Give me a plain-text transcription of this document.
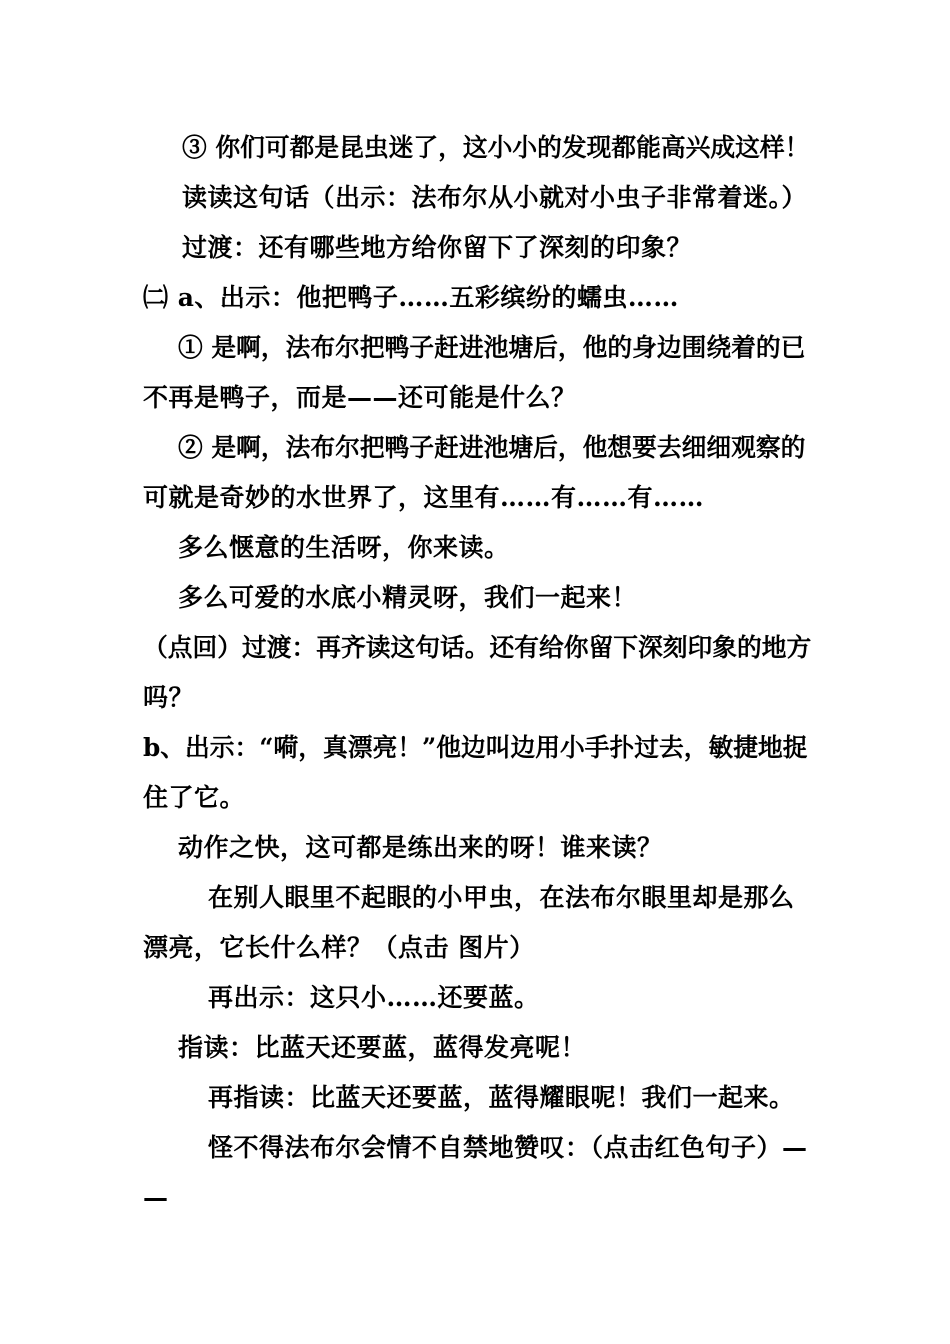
③ 你们可都是昆虫迷了，这小小的发现都能高兴成这样！
读读这句话（出示：法布尔从小就对小虫子非常着迷。）
过渡：还有哪些地方给你留下了深刻的印象？
㈡ a、出示：他把鸭子……五彩缤纷的蠕虫……
① 是啊，法布尔把鸭子赶进池塘后，他的身边围绕着的已
不再是鸭子，而是——还可能是什么？
② 是啊，法布尔把鸭子赶进池塘后，他想要去细细观察的
可就是奇妙的水世界了，这里有……有……有……
多么惬意的生活呀，你来读。
多么可爱的水底小精灵呀，我们一起来！
（点回）过渡：再齐读这句话。还有给你留下深刻印象的地方
吗？
b、出示：“嗬，真漂亮！”他边叫边用小手扑过去，敏捷地捉
住了它。
动作之快，这可都是练出来的呀！谁来读？
在别人眼里不起眼的小甲虫，在法布尔眼里却是那么
漂亮，它长什么样？（点击 图片）
再出示：这只小……还要蓝。
指读：比蓝天还要蓝，蓝得发亮呢！
再指读：比蓝天还要蓝，蓝得耀眼呢！我们一起来。
怪不得法布尔会情不自禁地赞叹：（点击红色句子）—
—
